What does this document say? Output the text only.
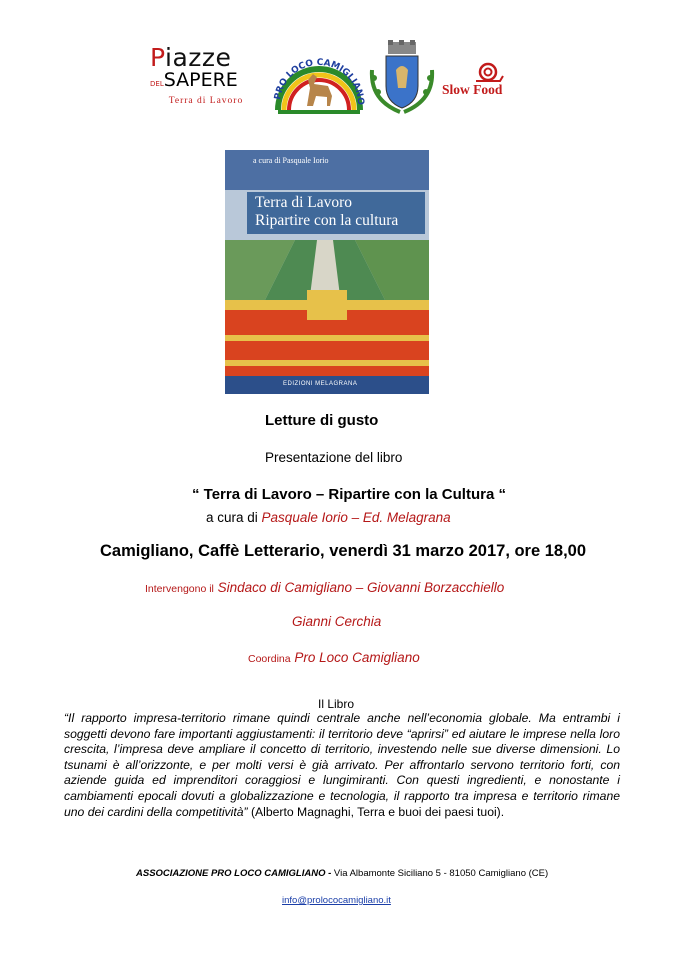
Piazze
DELSAPERE
Terra di Lavoro	PRO LOCO CAMIGLIANO
Slow Food
a cura di Pasquale Iorio
Terra di Lavoro
Ripartire con la cultura
EDIZIONI MELAGRANA
Letture di gusto
Presentazione del libro
“ Terra di Lavoro – Ripartire con la Cultura “
a cura di Pasquale Iorio – Ed. Melagrana
Camigliano, Caffè Letterario, venerdì 31 marzo 2017, ore 18,00
Intervengono il Sindaco di Camigliano – Giovanni Borzacchiello
Gianni Cerchia
Coordina Pro Loco Camigliano
Il Libro
“Il rapporto impresa-territorio rimane quindi centrale anche nell’economia globale. Ma entrambi i soggetti devono fare importanti aggiustamenti: il territorio deve “aprirsi” ed aiutare le imprese nella loro crescita, l’impresa deve ampliare il concetto di territorio, investendo nelle sue diverse dimensioni. Lo tsunami è all’orizzonte, e per molti versi è già arrivato. Per affrontarlo servono territorio forti, con aziende guida ed imprenditori coraggiosi e lungimiranti. Con questi ingredienti, e nonostante i cambiamenti epocali dovuti a globalizzazione e tecnologia, il rapporto tra impresa e territorio rimane uno dei cardini della competitività” (Alberto Magnaghi, Terra e buoi dei paesi tuoi).
ASSOCIAZIONE PRO LOCO CAMIGLIANO - Via Albamonte Siciliano 5 - 81050 Camigliano (CE)
info@prolococamigliano.it
